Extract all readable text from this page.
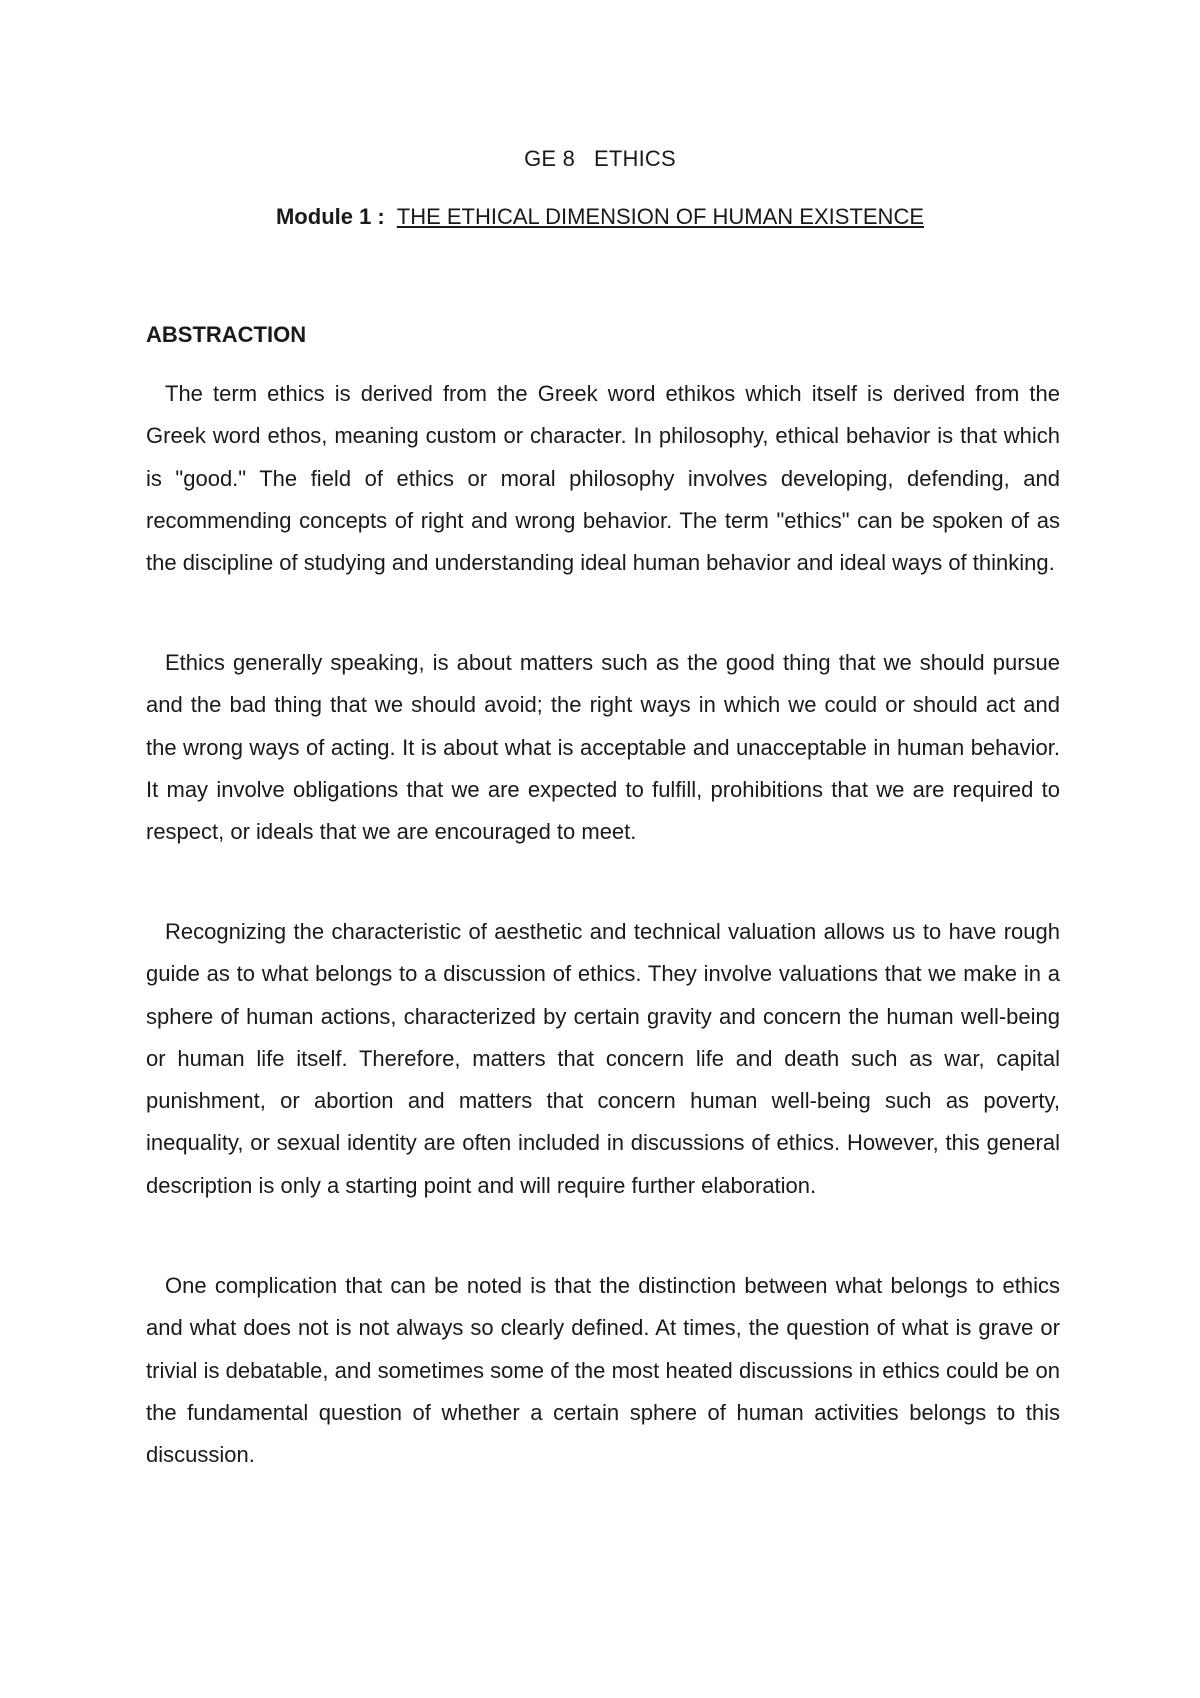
GE 8   ETHICS
Module 1 : THE ETHICAL DIMENSION OF HUMAN EXISTENCE
ABSTRACTION

The term ethics is derived from the Greek word ethikos which itself is derived from the Greek word ethos, meaning custom or character. In philosophy, ethical behavior is that which is "good." The field of ethics or moral philosophy involves developing, defending, and recommending concepts of right and wrong behavior. The term "ethics" can be spoken of as the discipline of studying and understanding ideal human behavior and ideal ways of thinking.

Ethics generally speaking, is about matters such as the good thing that we should pursue and the bad thing that we should avoid; the right ways in which we could or should act and the wrong ways of acting. It is about what is acceptable and unacceptable in human behavior. It may involve obligations that we are expected to fulfill, prohibitions that we are required to respect, or ideals that we are encouraged to meet.

Recognizing the characteristic of aesthetic and technical valuation allows us to have rough guide as to what belongs to a discussion of ethics. They involve valuations that we make in a sphere of human actions, characterized by certain gravity and concern the human well-being or human life itself. Therefore, matters that concern life and death such as war, capital punishment, or abortion and matters that concern human well-being such as poverty, inequality, or sexual identity are often included in discussions of ethics. However, this general description is only a starting point and will require further elaboration.

One complication that can be noted is that the distinction between what belongs to ethics and what does not is not always so clearly defined. At times, the question of what is grave or trivial is debatable, and sometimes some of the most heated discussions in ethics could be on the fundamental question of whether a certain sphere of human activities belongs to this discussion.
